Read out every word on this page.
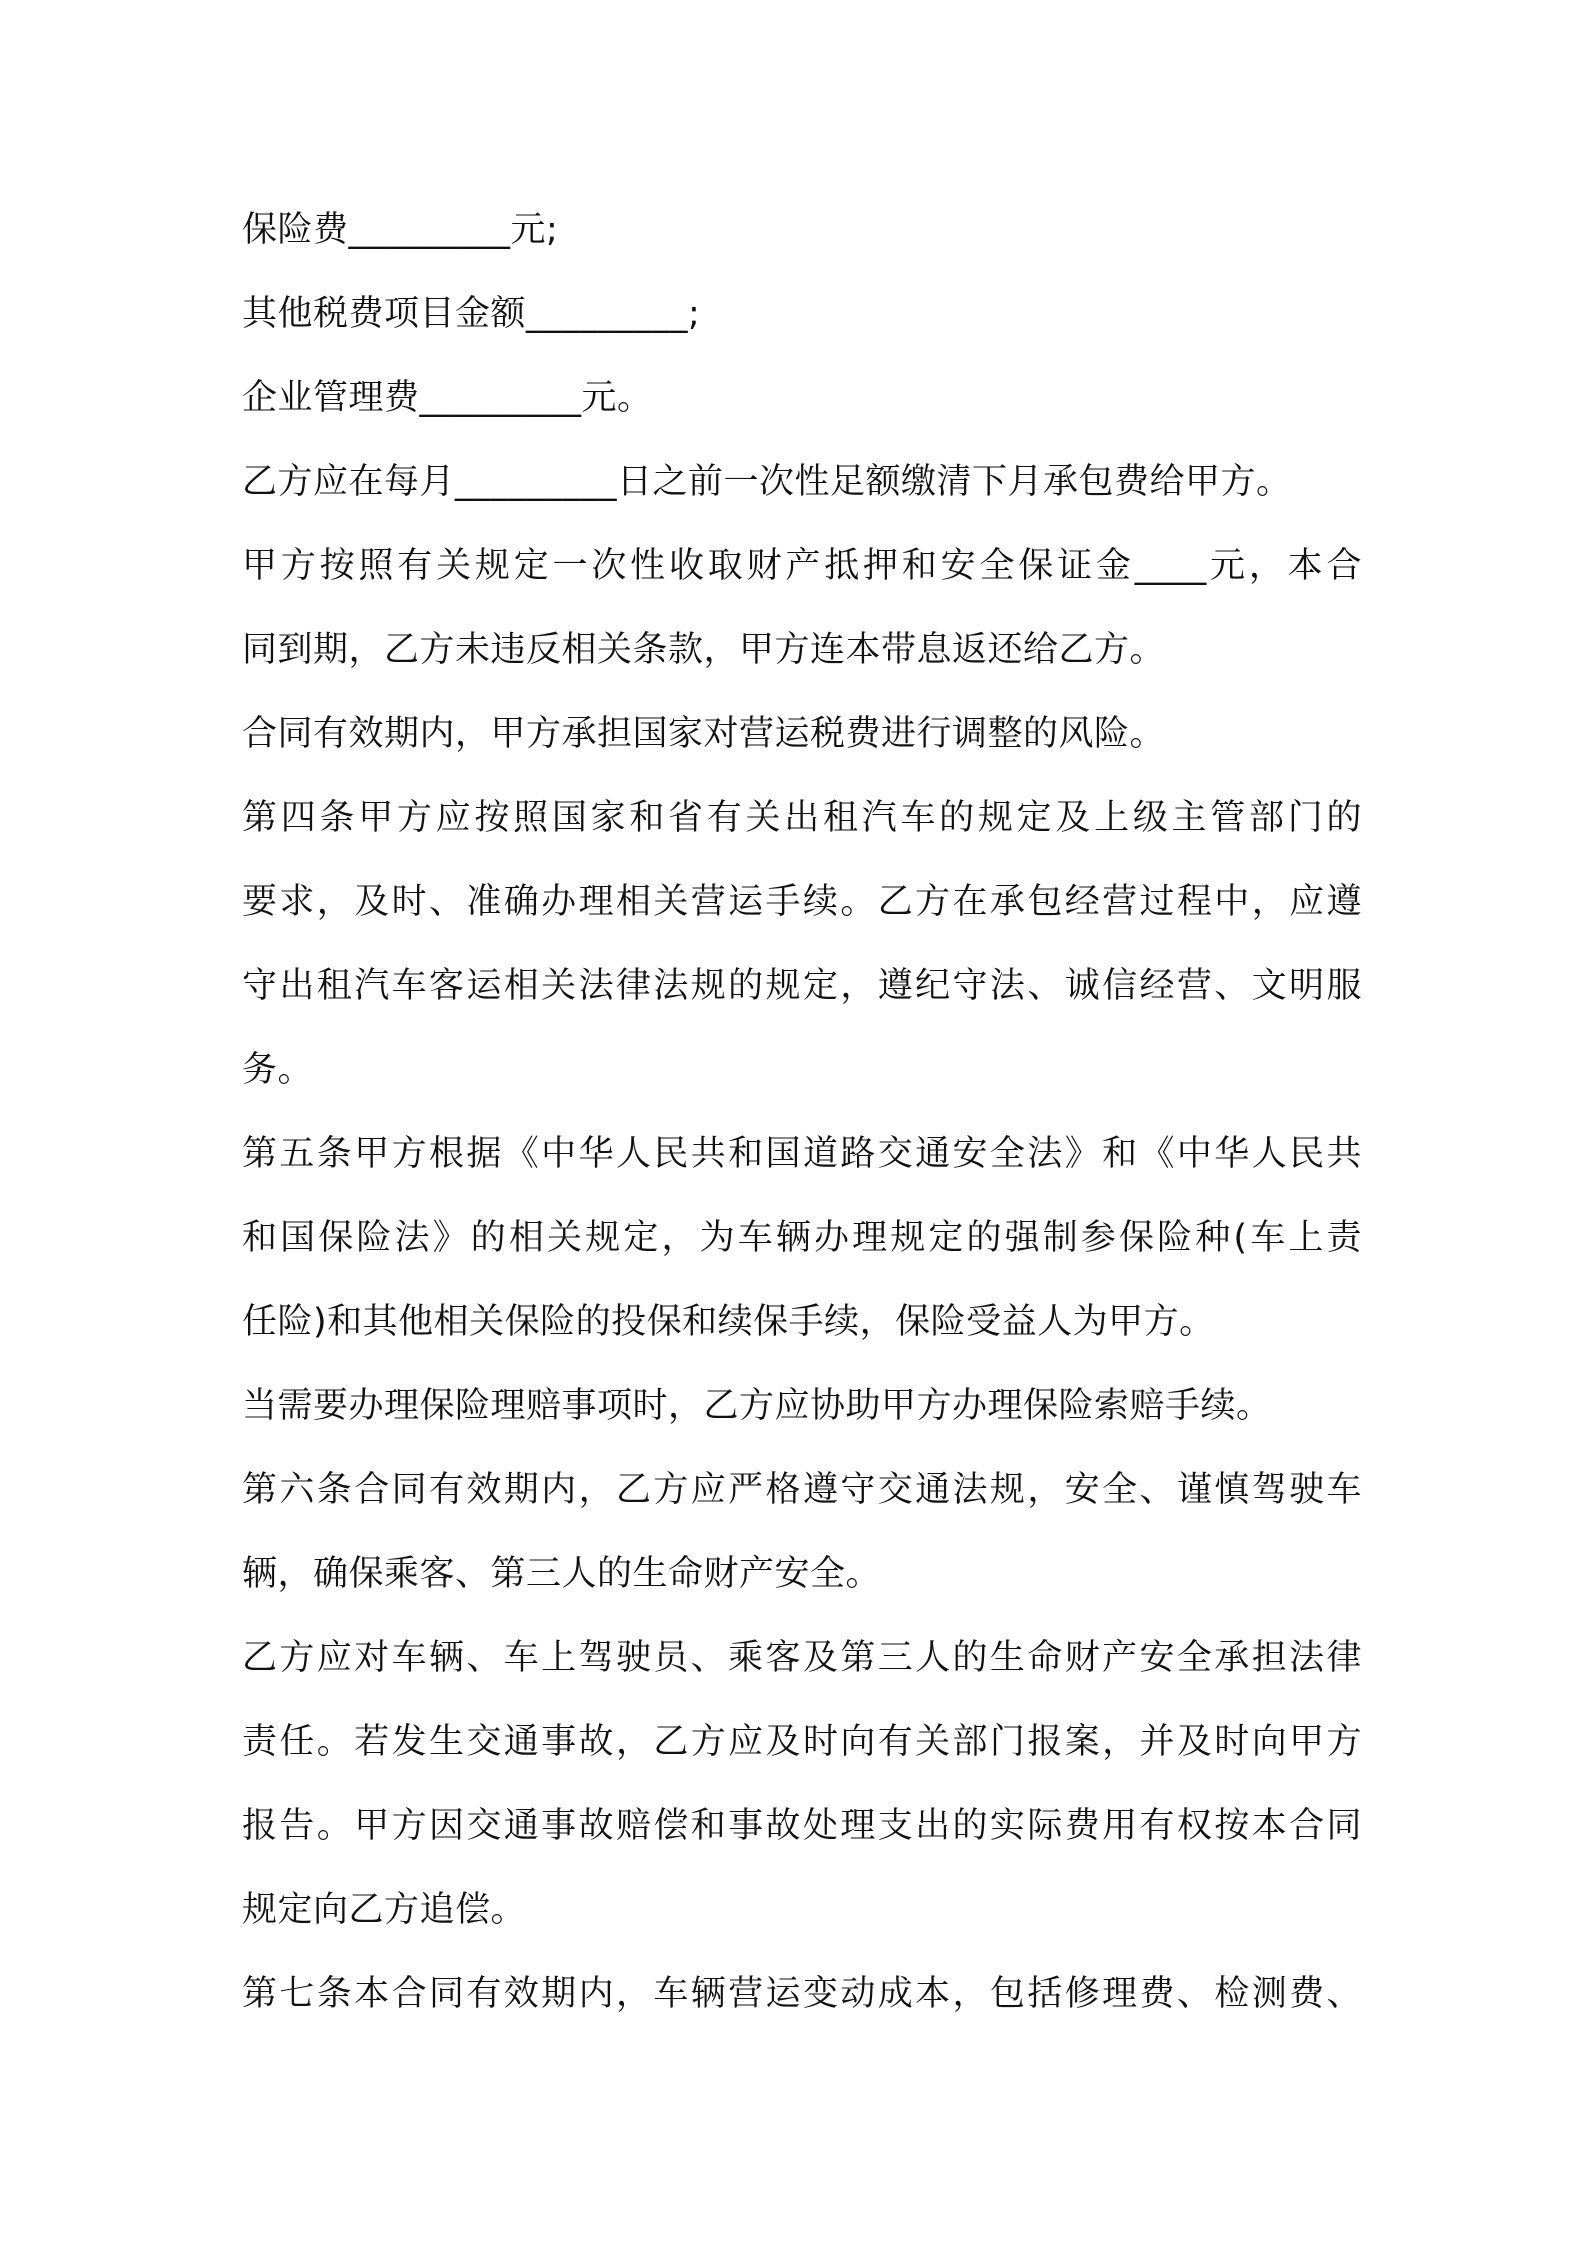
保险费_________元;
其他税费项目金额_________;
企业管理费_________元。
乙方应在每月_________日之前一次性足额缴清下月承包费给甲方。
甲方按照有关规定一次性收取财产抵押和安全保证金____元，本合
同到期，乙方未违反相关条款，甲方连本带息返还给乙方。
合同有效期内，甲方承担国家对营运税费进行调整的风险。
第四条甲方应按照国家和省有关出租汽车的规定及上级主管部门的
要求，及时、准确办理相关营运手续。乙方在承包经营过程中，应遵
守出租汽车客运相关法律法规的规定，遵纪守法、诚信经营、文明服
务。
第五条甲方根据《中华人民共和国道路交通安全法》和《中华人民共
和国保险法》的相关规定，为车辆办理规定的强制参保险种(车上责
任险)和其他相关保险的投保和续保手续，保险受益人为甲方。
当需要办理保险理赔事项时，乙方应协助甲方办理保险索赔手续。
第六条合同有效期内，乙方应严格遵守交通法规，安全、谨慎驾驶车
辆，确保乘客、第三人的生命财产安全。
乙方应对车辆、车上驾驶员、乘客及第三人的生命财产安全承担法律
责任。若发生交通事故，乙方应及时向有关部门报案，并及时向甲方
报告。甲方因交通事故赔偿和事故处理支出的实际费用有权按本合同
规定向乙方追偿。
第七条本合同有效期内，车辆营运变动成本，包括修理费、检测费、
